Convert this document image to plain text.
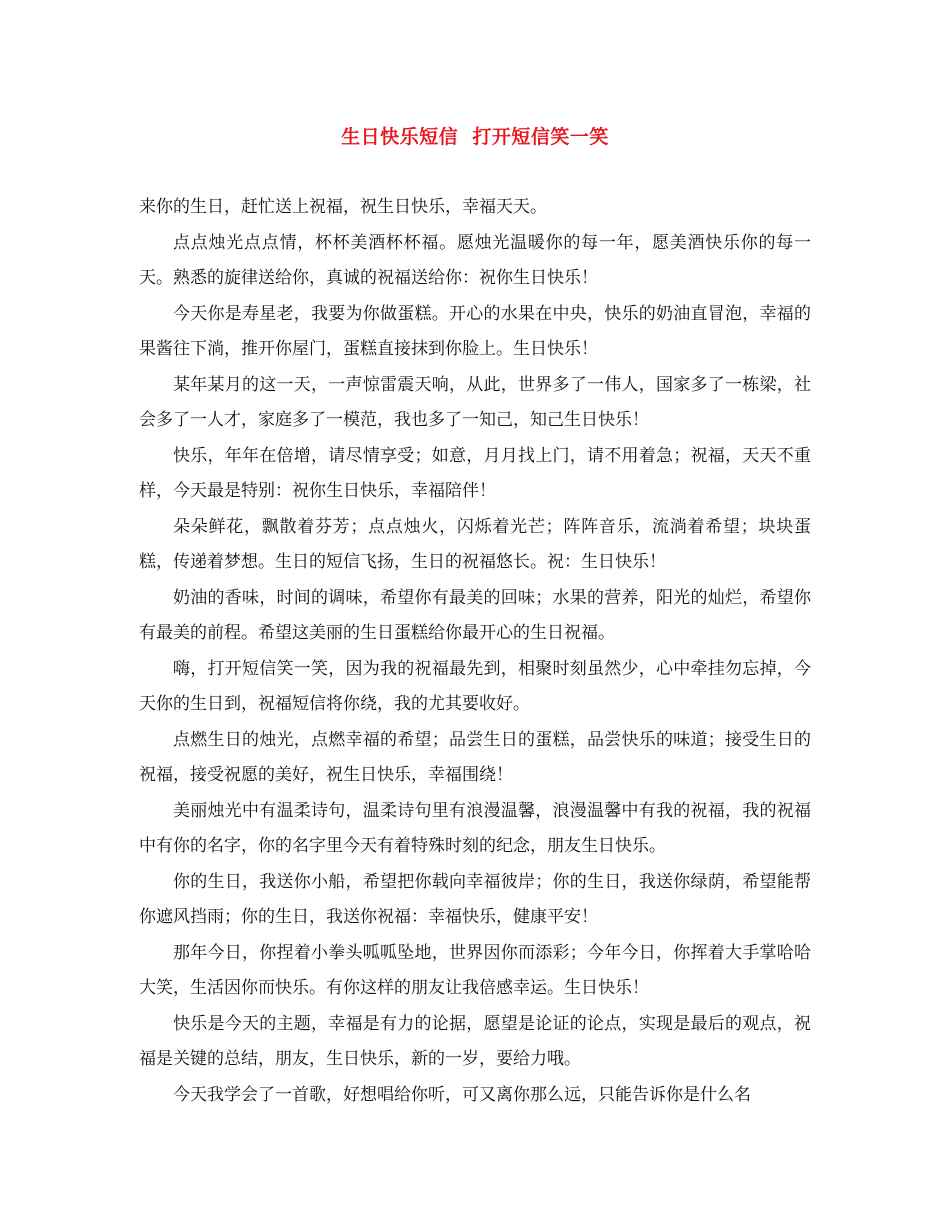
生日快乐短信  打开短信笑一笑

来你的生日，赶忙送上祝福，祝生日快乐，幸福天天。

点点烛光点点情，杯杯美酒杯杯福。愿烛光温暖你的每一年，愿美酒快乐你的每一天。熟悉的旋律送给你，真诚的祝福送给你：祝你生日快乐！

今天你是寿星老，我要为你做蛋糕。开心的水果在中央，快乐的奶油直冒泡，幸福的果酱往下淌，推开你屋门，蛋糕直接抹到你脸上。生日快乐！

某年某月的这一天，一声惊雷震天响，从此，世界多了一伟人，国家多了一栋梁，社会多了一人才，家庭多了一模范，我也多了一知己，知己生日快乐！

快乐，年年在倍增，请尽情享受；如意，月月找上门，请不用着急；祝福，天天不重样，今天最是特别：祝你生日快乐，幸福陪伴！

朵朵鲜花，飘散着芬芳；点点烛火，闪烁着光芒；阵阵音乐，流淌着希望；块块蛋糕，传递着梦想。生日的短信飞扬，生日的祝福悠长。祝：生日快乐！

奶油的香味，时间的调味，希望你有最美的回味；水果的营养，阳光的灿烂，希望你有最美的前程。希望这美丽的生日蛋糕给你最开心的生日祝福。

嗨，打开短信笑一笑，因为我的祝福最先到，相聚时刻虽然少，心中牵挂勿忘掉，今天你的生日到，祝福短信将你绕，我的尤其要收好。

点燃生日的烛光，点燃幸福的希望；品尝生日的蛋糕，品尝快乐的味道；接受生日的祝福，接受祝愿的美好，祝生日快乐，幸福围绕！

美丽烛光中有温柔诗句，温柔诗句里有浪漫温馨，浪漫温馨中有我的祝福，我的祝福中有你的名字，你的名字里今天有着特殊时刻的纪念，朋友生日快乐。

你的生日，我送你小船，希望把你载向幸福彼岸；你的生日，我送你绿荫，希望能帮你遮风挡雨；你的生日，我送你祝福：幸福快乐，健康平安！

那年今日，你捏着小拳头呱呱坠地，世界因你而添彩；今年今日，你挥着大手掌哈哈大笑，生活因你而快乐。有你这样的朋友让我倍感幸运。生日快乐！

快乐是今天的主题，幸福是有力的论据，愿望是论证的论点，实现是最后的观点，祝福是关键的总结，朋友，生日快乐，新的一岁，要给力哦。

今天我学会了一首歌，好想唱给你听，可又离你那么远，只能告诉你是什么名
